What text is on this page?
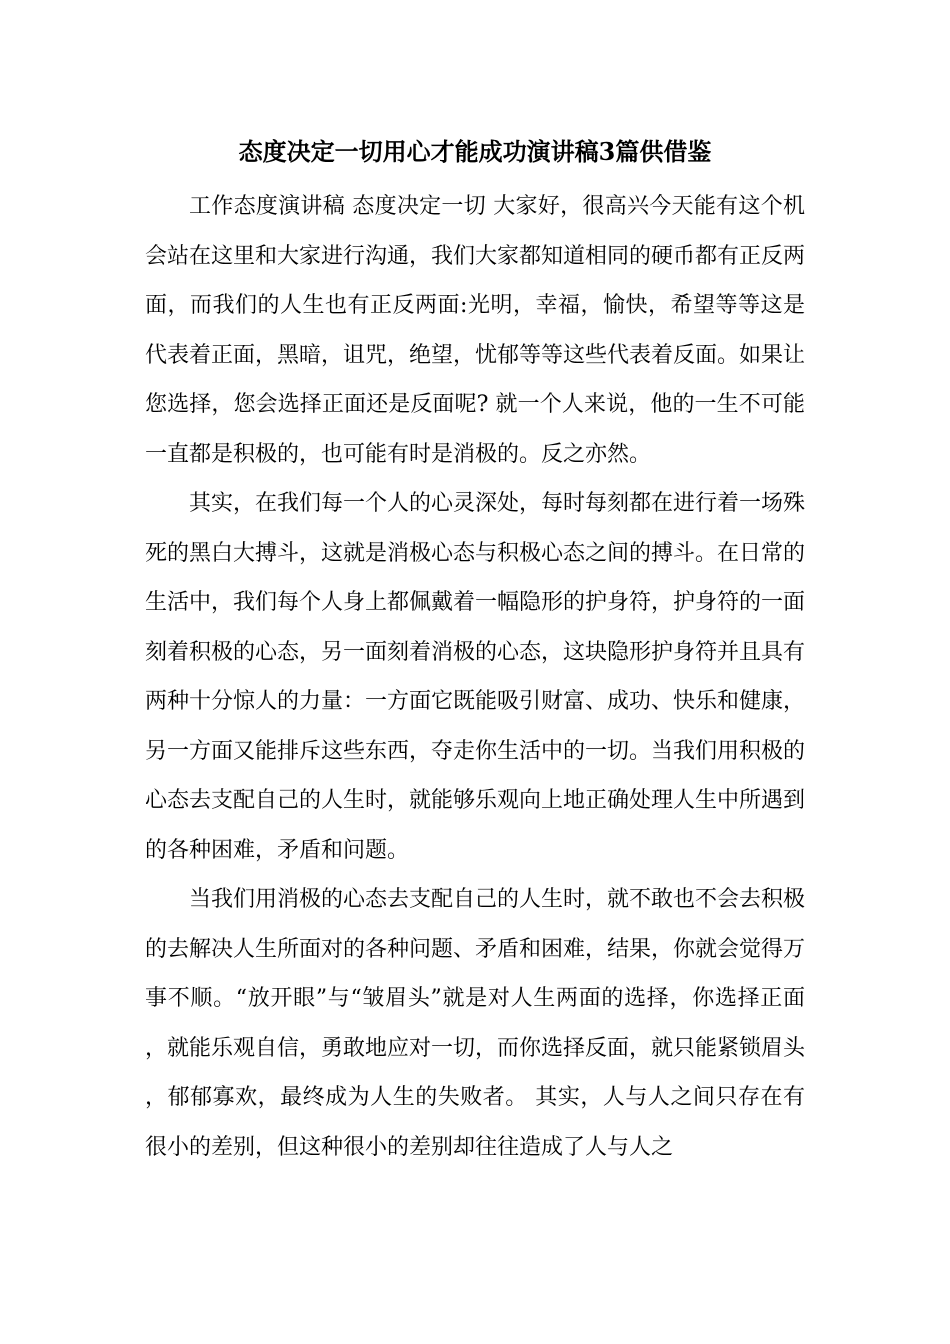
态度决定一切用心才能成功演讲稿3篇供借鉴

工作态度演讲稿 态度决定一切 大家好，很高兴今天能有这个机会站在这里和大家进行沟通，我们大家都知道相同的硬币都有正反两面，而我们的人生也有正反两面:光明，幸福，愉快，希望等等这是代表着正面，黑暗，诅咒，绝望，忧郁等等这些代表着反面。如果让您选择，您会选择正面还是反面呢? 就一个人来说，他的一生不可能一直都是积极的，也可能有时是消极的。反之亦然。

其实，在我们每一个人的心灵深处，每时每刻都在进行着一场殊死的黑白大搏斗，这就是消极心态与积极心态之间的搏斗。在日常的生活中，我们每个人身上都佩戴着一幅隐形的护身符，护身符的一面刻着积极的心态，另一面刻着消极的心态，这块隐形护身符并且具有两种十分惊人的力量：一方面它既能吸引财富、成功、快乐和健康，另一方面又能排斥这些东西，夺走你生活中的一切。当我们用积极的心态去支配自己的人生时，就能够乐观向上地正确处理人生中所遇到的各种困难，矛盾和问题。

当我们用消极的心态去支配自己的人生时，就不敢也不会去积极的去解决人生所面对的各种问题、矛盾和困难，结果，你就会觉得万事不顺。“放开眼”与“皱眉头”就是对人生两面的选择，你选择正面，就能乐观自信，勇敢地应对一切，而你选择反面，就只能紧锁眉头，郁郁寡欢，最终成为人生的失败者。 其实，人与人之间只存在有很小的差别，但这种很小的差别却往往造成了人与人之
